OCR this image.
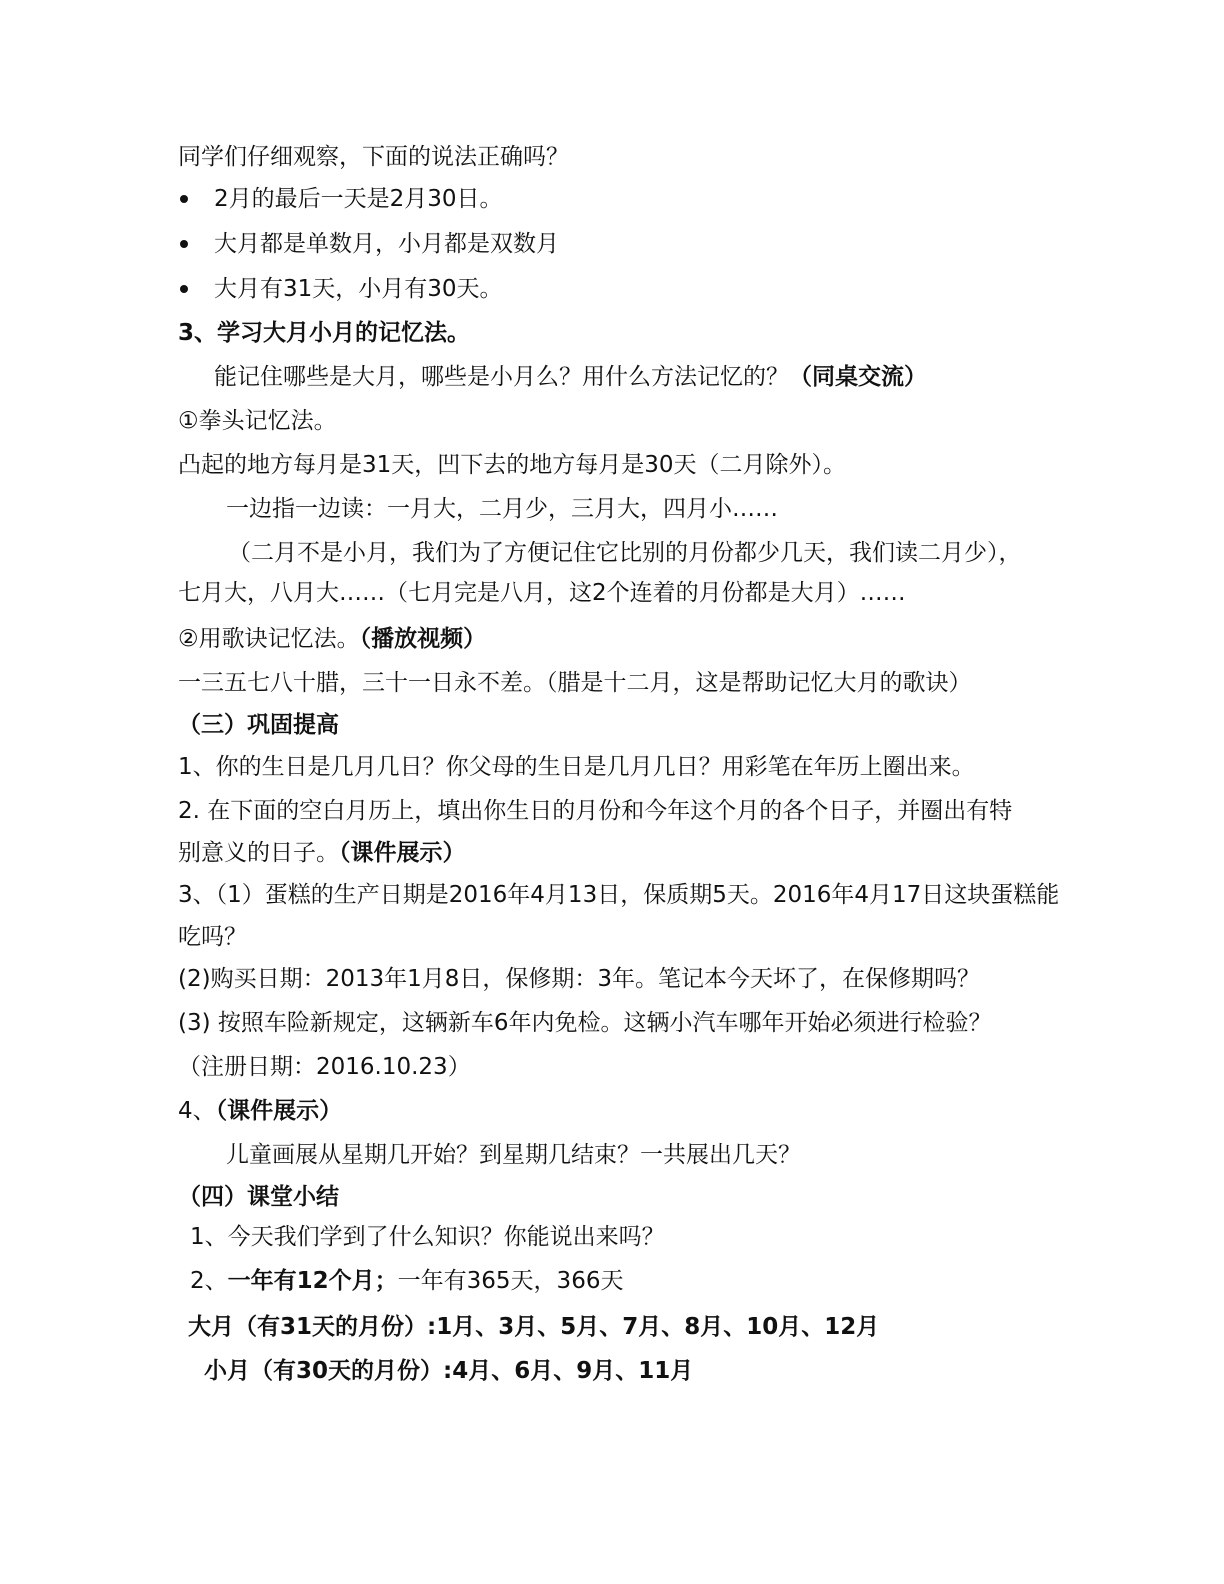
同学们仔细观察，下面的说法正确吗？
2月的最后一天是2月30日。
大月都是单数月，小月都是双数月
大月有31天，小月有30天。
3、学习大月小月的记忆法。
能记住哪些是大月，哪些是小月么？用什么方法记忆的？（同桌交流）
①拳头记忆法。
凸起的地方每月是31天，凹下去的地方每月是30天（二月除外）。
一边指一边读：一月大，二月少，三月大，四月小……
（二月不是小月，我们为了方便记住它比别的月份都少几天，我们读二月少），
七月大，八月大……（七月完是八月，这2个连着的月份都是大月）……
②用歌诀记忆法。（播放视频）
一三五七八十腊，三十一日永不差。（腊是十二月，这是帮助记忆大月的歌诀）
（三）巩固提高
1、你的生日是几月几日？你父母的生日是几月几日？用彩笔在年历上圈出来。
2. 在下面的空白月历上，填出你生日的月份和今年这个月的各个日子，并圈出有特
别意义的日子。（课件展示）
3、（1）蛋糕的生产日期是2016年4月13日，保质期5天。2016年4月17日这块蛋糕能
吃吗？
(2)购买日期：2013年1月8日，保修期：3年。笔记本今天坏了，在保修期吗？
(3) 按照车险新规定，这辆新车6年内免检。这辆小汽车哪年开始必须进行检验？
（注册日期：2016.10.23）
4、（课件展示）
儿童画展从星期几开始？到星期几结束？一共展出几天？
（四）课堂小结
1、今天我们学到了什么知识？你能说出来吗？
2、一年有12个月；一年有365天，366天
大月（有31天的月份）:1月、3月、5月、7月、8月、10月、12月
小月（有30天的月份）:4月、6月、9月、11月
